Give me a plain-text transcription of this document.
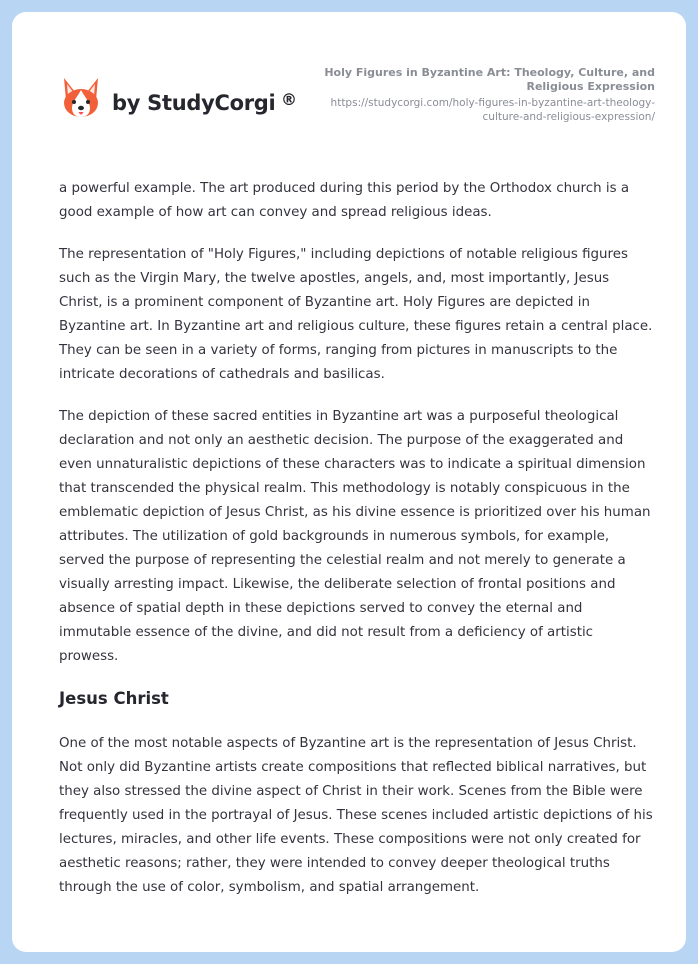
by StudyCorgi ®

Holy Figures in Byzantine Art: Theology, Culture, and Religious Expression

https://studycorgi.com/holy-figures-in-byzantine-art-theology-culture-and-religious-expression/

a powerful example. The art produced during this period by the Orthodox church is a good example of how art can convey and spread religious ideas.

The representation of "Holy Figures," including depictions of notable religious figures such as the Virgin Mary, the twelve apostles, angels, and, most importantly, Jesus Christ, is a prominent component of Byzantine art. Holy Figures are depicted in Byzantine art. In Byzantine art and religious culture, these figures retain a central place. They can be seen in a variety of forms, ranging from pictures in manuscripts to the intricate decorations of cathedrals and basilicas.

The depiction of these sacred entities in Byzantine art was a purposeful theological declaration and not only an aesthetic decision. The purpose of the exaggerated and even unnaturalistic depictions of these characters was to indicate a spiritual dimension that transcended the physical realm. This methodology is notably conspicuous in the emblematic depiction of Jesus Christ, as his divine essence is prioritized over his human attributes. The utilization of gold backgrounds in numerous symbols, for example, served the purpose of representing the celestial realm and not merely to generate a visually arresting impact. Likewise, the deliberate selection of frontal positions and absence of spatial depth in these depictions served to convey the eternal and immutable essence of the divine, and did not result from a deficiency of artistic prowess.

Jesus Christ

One of the most notable aspects of Byzantine art is the representation of Jesus Christ. Not only did Byzantine artists create compositions that reflected biblical narratives, but they also stressed the divine aspect of Christ in their work. Scenes from the Bible were frequently used in the portrayal of Jesus. These scenes included artistic depictions of his lectures, miracles, and other life events. These compositions were not only created for aesthetic reasons; rather, they were intended to convey deeper theological truths through the use of color, symbolism, and spatial arrangement.
